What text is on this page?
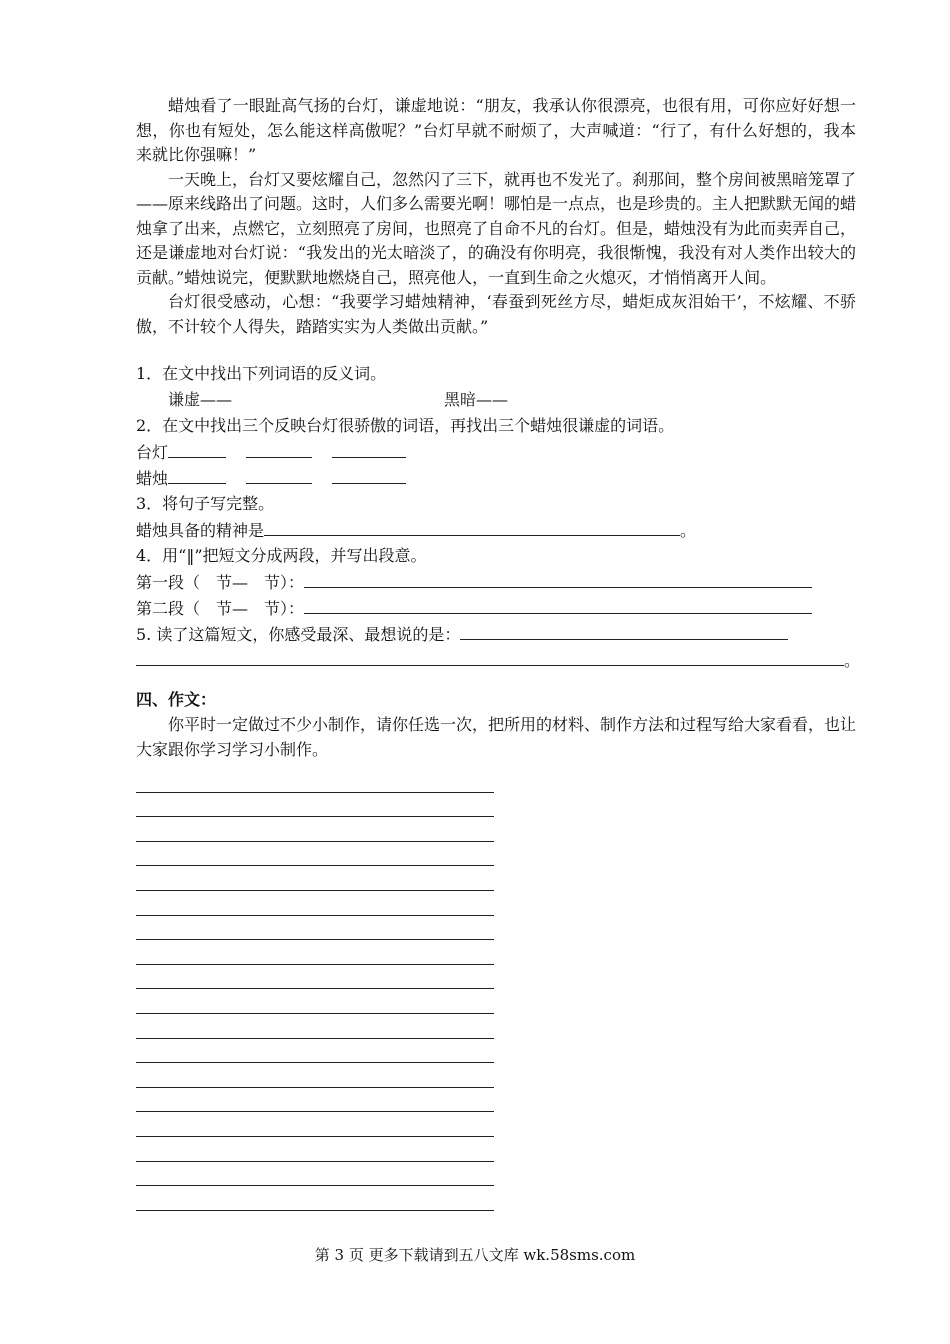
蜡烛看了一眼趾高气扬的台灯，谦虚地说：“朋友，我承认你很漂亮，也很有用，可你应好好想一想，你也有短处，怎么能这样高傲呢？”台灯早就不耐烦了，大声喊道：“行了，有什么好想的，我本来就比你强嘛！”

一天晚上，台灯又要炫耀自己，忽然闪了三下，就再也不发光了。刹那间，整个房间被黑暗笼罩了——原来线路出了问题。这时，人们多么需要光啊！哪怕是一点点，也是珍贵的。主人把默默无闻的蜡烛拿了出来，点燃它，立刻照亮了房间，也照亮了自命不凡的台灯。但是，蜡烛没有为此而卖弄自己，还是谦虚地对台灯说：“我发出的光太暗淡了，的确没有你明亮，我很惭愧，我没有对人类作出较大的贡献。”蜡烛说完，便默默地燃烧自己，照亮他人，一直到生命之火熄灭，才悄悄离开人间。

台灯很受感动，心想：“我要学习蜡烛精神，‘春蚕到死丝方尽，蜡炬成灰泪始干’，不炫耀、不骄傲，不计较个人得失，踏踏实实为人类做出贡献。”

1．在文中找出下列词语的反义词。
谦虚——	黑暗——
2．在文中找出三个反映台灯很骄傲的词语，再找出三个蜡烛很谦虚的词语。
台灯
蜡烛
3．将句子写完整。
蜡烛具备的精神是	。
4．用“‖”把短文分成两段，并写出段意。
第一段（　节—　节）：
第二段（　节—　节）：
5. 读了这篇短文，你感受最深、最想说的是：
。
四、作文：

你平时一定做过不少小制作，请你任选一次，把所用的材料、制作方法和过程写给大家看看，也让大家跟你学习学习小制作。

第 3 页 更多下载请到五八文库 wk.58sms.com
